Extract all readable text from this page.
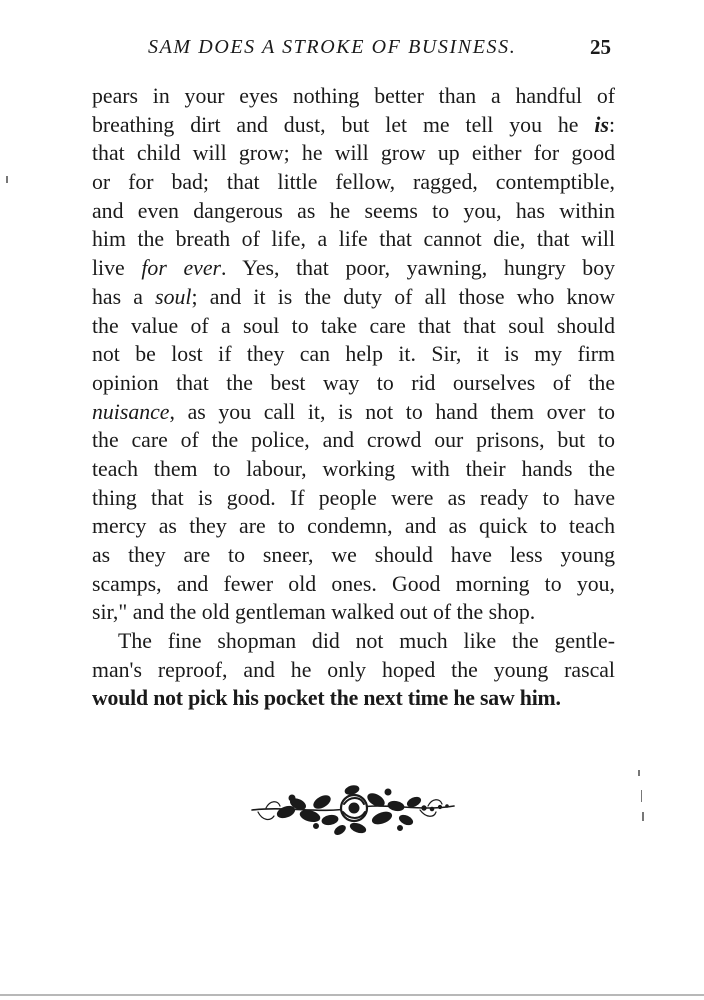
SAM DOES A STROKE OF BUSINESS.	25
pears in your eyes nothing better than a handful of
breathing dirt and dust, but let me tell you he is:
that child will grow; he will grow up either for good
or for bad; that little fellow, ragged, contemptible,
and even dangerous as he seems to you, has within
him the breath of life, a life that cannot die, that will
live for ever. Yes, that poor, yawning, hungry boy
has a soul; and it is the duty of all those who know
the value of a soul to take care that that soul should
not be lost if they can help it. Sir, it is my firm
opinion that the best way to rid ourselves of the
nuisance, as you call it, is not to hand them over to
the care of the police, and crowd our prisons, but to
teach them to labour, working with their hands the
thing that is good. If people were as ready to have
mercy as they are to condemn, and as quick to teach
as they are to sneer, we should have less young
scamps, and fewer old ones. Good morning to you,
sir," and the old gentleman walked out of the shop.
The fine shopman did not much like the gentle-
man's reproof, and he only hoped the young rascal
would not pick his pocket the next time he saw him.
